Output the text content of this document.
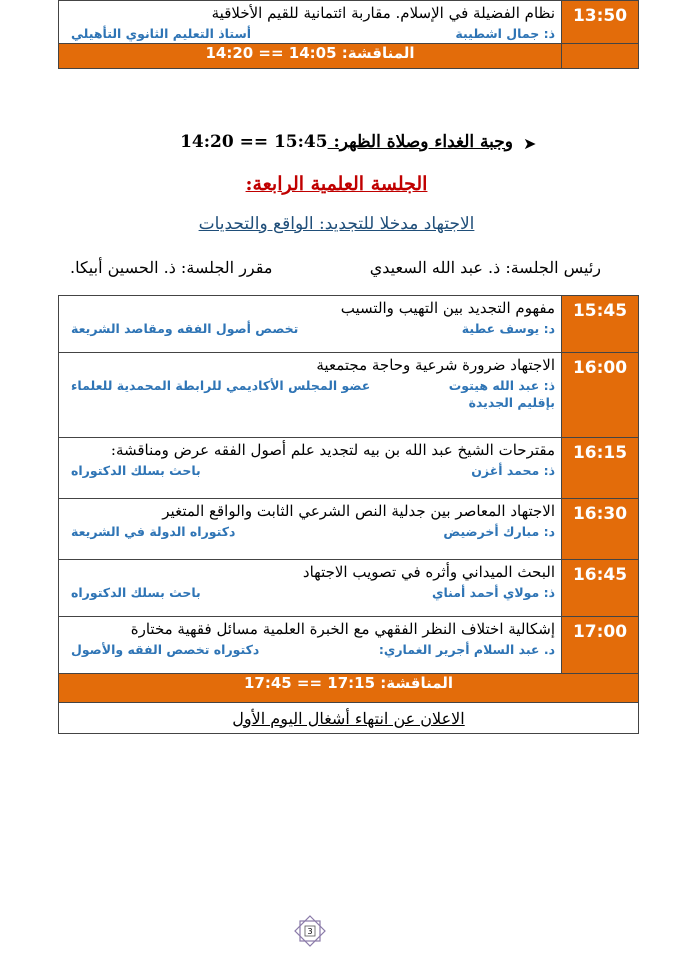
13:50	نظام الفضيلة في الإسلام. مقاربة ائتمانية للقيم الأخلاقية
ذ: جمال اشطيبة
أستاذ التعليم الثانوي التأهيلي

	المناقشة: 14:05 == 14:20
➤
وجبة الغداء وصلاة الظهر: 14:20 == 15:45
الجلسة العلمية الرابعة:
الاجتهاد مدخلا للتجديد: الواقع والتحديات
رئيس الجلسة: ذ. عبد الله السعيدي
مقرر الجلسة: ذ. الحسين أبيكا.
15:45	مفهوم التجديد بين التهيب والتسيب
د: يوسف عطية
تخصص أصول الفقه ومقاصد الشريعة

16:00	الاجتهاد ضرورة شرعية وحاجة مجتمعية
ذ: عبد الله هيتوت
عضو المجلس الأكاديمي للرابطة المحمدية للعلماء
بإقليم الجديدة

16:15	مقترحات الشيخ عبد الله بن بيه لتجديد علم أصول الفقه عرض ومناقشة:
ذ: محمد أغزن
باحث بسلك الدكتوراه

16:30	الاجتهاد المعاصر بين جدلية النص الشرعي الثابت والواقع المتغير
د: مبارك أخرضيض
دكتوراه الدولة في الشريعة

16:45	البحث الميداني وأثره في تصويب الاجتهاد
ذ: مولاي أحمد أمناي
باحث بسلك الدكتوراه

17:00	إشكالية اختلاف النظر الفقهي مع الخبرة العلمية مسائل فقهية مختارة
د. عبد السلام أجرير الغماري:
دكتوراه تخصص الفقه والأصول

المناقشة: 17:15 == 17:45	
الاعلان عن انتهاء أشغال اليوم الأول	
3
